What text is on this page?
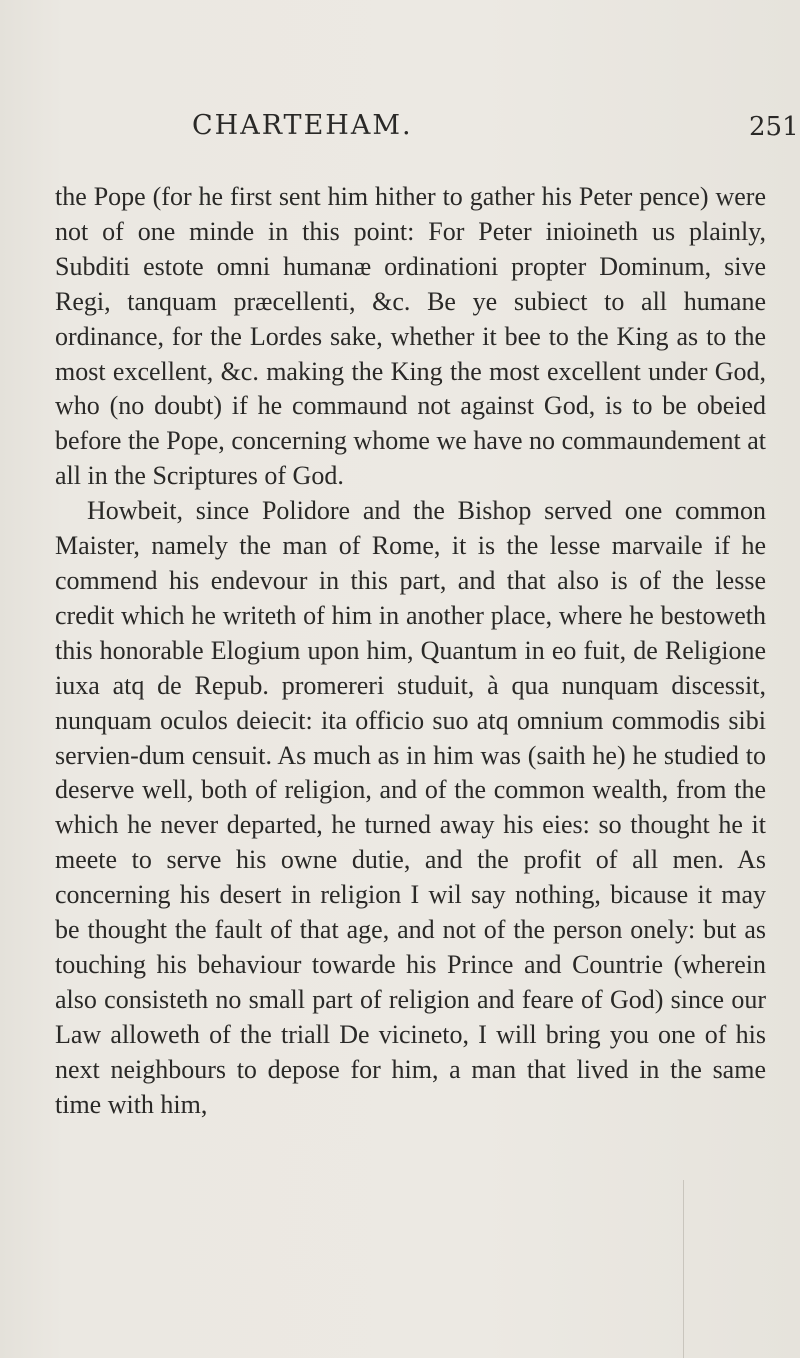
CHARTEHAM.	251

the Pope (for he first sent him hither to gather his Peter pence) were not of one minde in this point: For Peter inioineth us plainly, Subditi estote omni humanæ ordinationi propter Dominum, sive Regi, tanquam præcellenti, &c. Be ye subiect to all humane ordinance, for the Lordes sake, whether it bee to the King as to the most excellent, &c. making the King the most excellent under God, who (no doubt) if he commaund not against God, is to be obeied before the Pope, concerning whome we have no commaundement at all in the Scriptures of God.

Howbeit, since Polidore and the Bishop served one common Maister, namely the man of Rome, it is the lesse marvaile if he commend his endevour in this part, and that also is of the lesse credit which he writeth of him in another place, where he bestoweth this honorable Elogium upon him, Quantum in eo fuit, de Religione iuxa atq de Repub. promereri studuit, à qua nunquam discessit, nunquam oculos deiecit: ita officio suo atq omnium commodis sibi servien-dum censuit. As much as in him was (saith he) he studied to deserve well, both of religion, and of the common wealth, from the which he never departed, he turned away his eies: so thought he it meete to serve his owne dutie, and the profit of all men. As concerning his desert in religion I wil say nothing, bicause it may be thought the fault of that age, and not of the person onely: but as touching his behaviour towarde his Prince and Countrie (wherein also consisteth no small part of religion and feare of God) since our Law alloweth of the triall De vicineto, I will bring you one of his next neighbours to depose for him, a man that lived in the same time with him,
